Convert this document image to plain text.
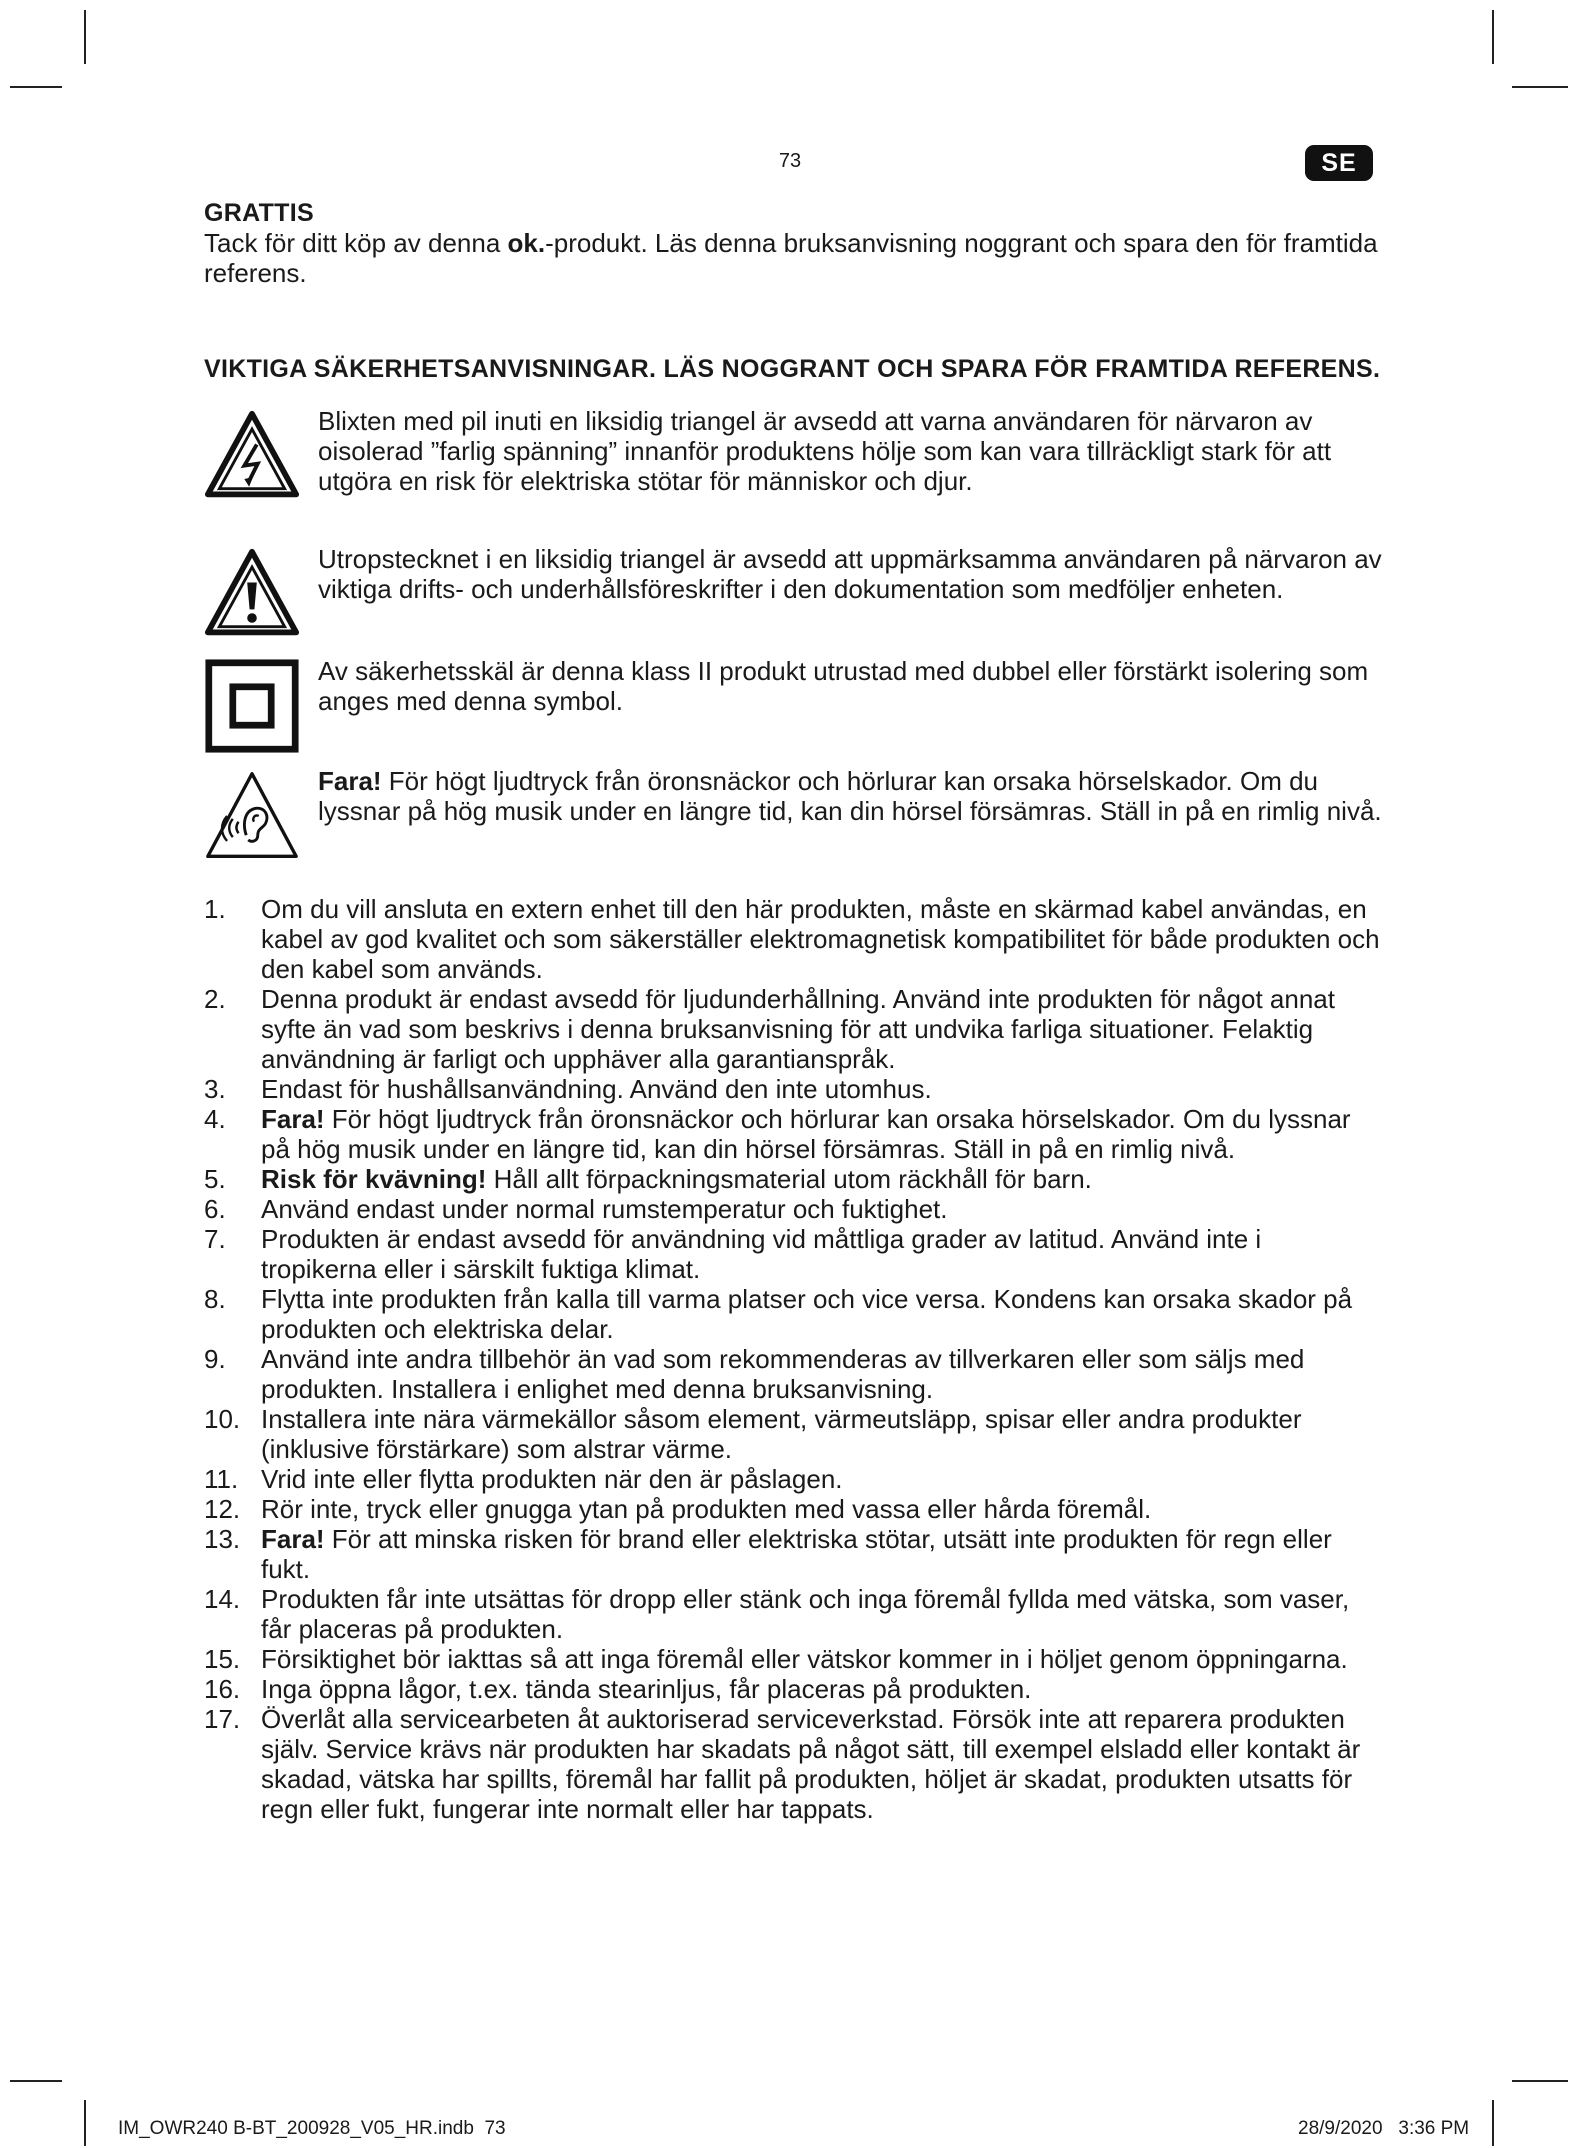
73	SE
GRATTIS
Tack för ditt köp av denna ok.-produkt. Läs denna bruksanvisning noggrant och spara den för framtida referens.
VIKTIGA SÄKERHETSANVISNINGAR. LÄS NOGGRANT OCH SPARA FÖR FRAMTIDA REFERENS.
Blixten med pil inuti en liksidig triangel är avsedd att varna användaren för närvaron av oisolerad ”farlig spänning” innanför produktens hölje som kan vara tillräckligt stark för att utgöra en risk för elektriska stötar för människor och djur.
Utropstecknet i en liksidig triangel är avsedd att uppmärksamma användaren på närvaron av viktiga drifts- och underhållsföreskrifter i den dokumentation som medföljer enheten.
Av säkerhetsskäl är denna klass II produkt utrustad med dubbel eller förstärkt isolering som anges med denna symbol.
Fara! För högt ljudtryck från öronsnäckor och hörlurar kan orsaka hörselskador. Om du lyssnar på hög musik under en längre tid, kan din hörsel försämras. Ställ in på en rimlig nivå.
1. Om du vill ansluta en extern enhet till den här produkten, måste en skärmad kabel användas, en kabel av god kvalitet och som säkerställer elektromagnetisk kompatibilitet för både produkten och den kabel som används.
2. Denna produkt är endast avsedd för ljudunderhållning. Använd inte produkten för något annat syfte än vad som beskrivs i denna bruksanvisning för att undvika farliga situationer. Felaktig användning är farligt och upphäver alla garantianspråk.
3. Endast för hushållsanvändning. Använd den inte utomhus.
4. Fara! För högt ljudtryck från öronsnäckor och hörlurar kan orsaka hörselskador. Om du lyssnar på hög musik under en längre tid, kan din hörsel försämras. Ställ in på en rimlig nivå.
5. Risk för kvävning! Håll allt förpackningsmaterial utom räckhåll för barn.
6. Använd endast under normal rumstemperatur och fuktighet.
7. Produkten är endast avsedd för användning vid måttliga grader av latitud. Använd inte i tropikerna eller i särskilt fuktiga klimat.
8. Flytta inte produkten från kalla till varma platser och vice versa. Kondens kan orsaka skador på produkten och elektriska delar.
9. Använd inte andra tillbehör än vad som rekommenderas av tillverkaren eller som säljs med produkten. Installera i enlighet med denna bruksanvisning.
10. Installera inte nära värmekällor såsom element, värmeutsläpp, spisar eller andra produkter (inklusive förstärkare) som alstrar värme.
11. Vrid inte eller flytta produkten när den är påslagen.
12. Rör inte, tryck eller gnugga ytan på produkten med vassa eller hårda föremål.
13. Fara! För att minska risken för brand eller elektriska stötar, utsätt inte produkten för regn eller fukt.
14. Produkten får inte utsättas för dropp eller stänk och inga föremål fyllda med vätska, som vaser, får placeras på produkten.
15. Försiktighet bör iakttas så att inga föremål eller vätskor kommer in i höljet genom öppningarna.
16. Inga öppna lågor, t.ex. tända stearinljus, får placeras på produkten.
17. Överlåt alla servicearbeten åt auktoriserad serviceverkstad. Försök inte att reparera produkten själv. Service krävs när produkten har skadats på något sätt, till exempel elsladd eller kontakt är skadad, vätska har spillts, föremål har fallit på produkten, höljet är skadat, produkten utsatts för regn eller fukt, fungerar inte normalt eller har tappats.
IM_OWR240 B-BT_200928_V05_HR.indb 73	28/9/2020 3:36 PM
